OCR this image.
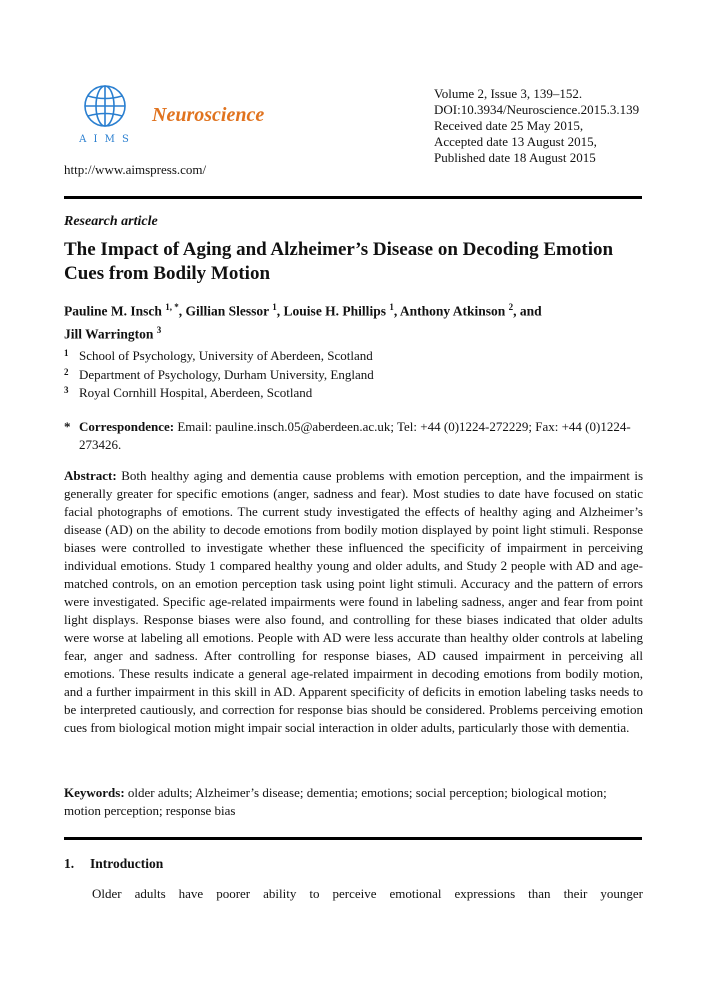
A I M S
Neuroscience
http://www.aimspress.com/
Volume 2, Issue 3, 139–152.
DOI:10.3934/Neuroscience.2015.3.139
Received date 25 May 2015,
Accepted date 13 August 2015,
Published date 18 August 2015
Research article
The Impact of Aging and Alzheimer’s Disease on Decoding Emotion Cues from Bodily Motion
Pauline M. Insch $^{1, *}$, Gillian Slessor $^1$, Louise H. Phillips $^1$, Anthony Atkinson $^2$, and
Jill Warrington $^3$
1 School of Psychology, University of Aberdeen, Scotland
2 Department of Psychology, Durham University, England
3 Royal Cornhill Hospital, Aberdeen, Scotland
* Correspondence: Email: pauline.insch.05@aberdeen.ac.uk; Tel: +44 (0)1224-272229; Fax: +44 (0)1224-273426.
Abstract: Both healthy aging and dementia cause problems with emotion perception, and the impairment is generally greater for specific emotions (anger, sadness and fear). Most studies to date have focused on static facial photographs of emotions. The current study investigated the effects of healthy aging and Alzheimer’s disease (AD) on the ability to decode emotions from bodily motion displayed by point light stimuli. Response biases were controlled to investigate whether these influenced the specificity of impairment in perceiving individual emotions. Study 1 compared healthy young and older adults, and Study 2 people with AD and age-matched controls, on an emotion perception task using point light stimuli. Accuracy and the pattern of errors were investigated. Specific age-related impairments were found in labeling sadness, anger and fear from point light displays. Response biases were also found, and controlling for these biases indicated that older adults were worse at labeling all emotions. People with AD were less accurate than healthy older controls at labeling fear, anger and sadness. After controlling for response biases, AD caused impairment in perceiving all emotions. These results indicate a general age-related impairment in decoding emotions from bodily motion, and a further impairment in this skill in AD. Apparent specificity of deficits in emotion labeling tasks needs to be interpreted cautiously, and correction for response bias should be considered. Problems perceiving emotion cues from biological motion might impair social interaction in older adults, particularly those with dementia.
Keywords: older adults; Alzheimer’s disease; dementia; emotions; social perception; biological motion; motion perception; response bias
1. Introduction
Older adults have poorer ability to perceive emotional expressions than their younger
